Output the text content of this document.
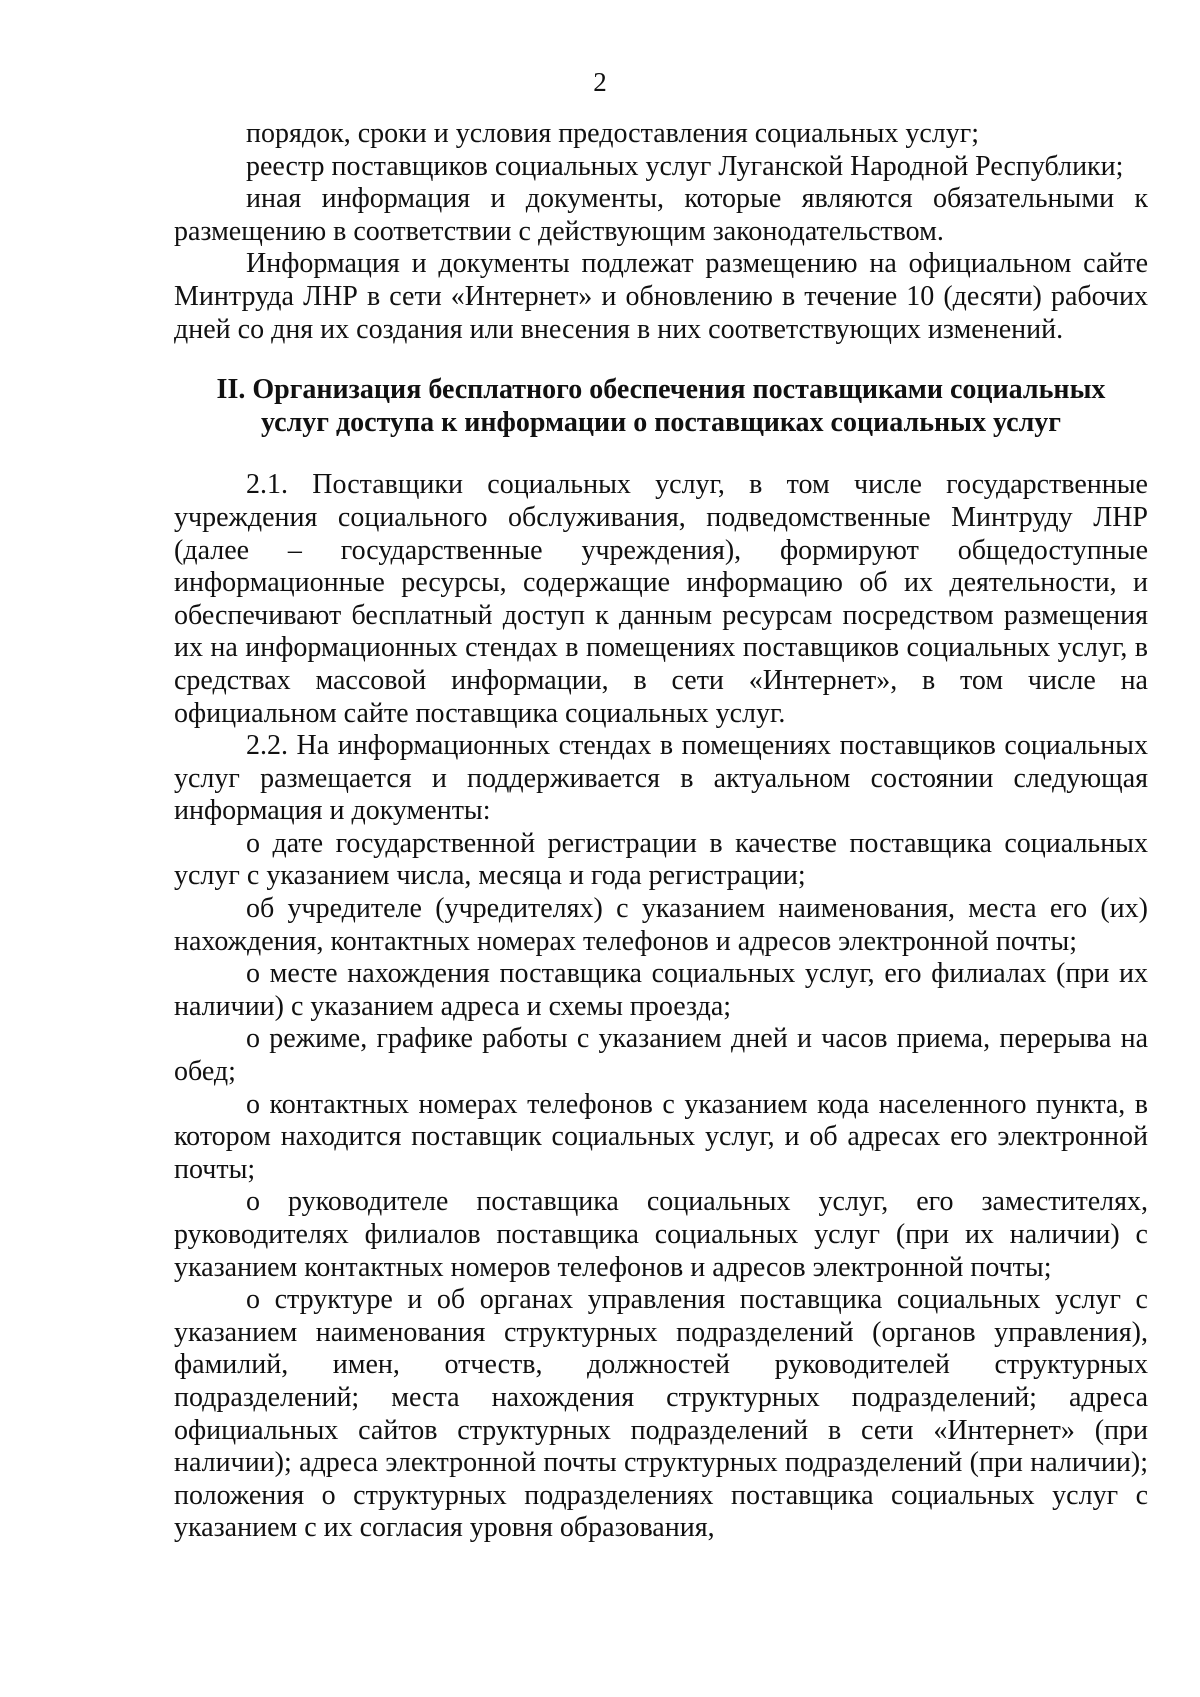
2

порядок, сроки и условия предоставления социальных услуг;

реестр поставщиков социальных услуг Луганской Народной Республики;

иная информация и документы, которые являются обязательными к размещению в соответствии с действующим законодательством.

Информация и документы подлежат размещению на официальном сайте Минтруда ЛНР в сети «Интернет» и обновлению в течение 10 (десяти) рабочих дней со дня их создания или внесения в них соответствующих изменений.

II. Организация бесплатного обеспечения поставщиками социальных
услуг доступа к информации о поставщиках социальных услуг

2.1. Поставщики социальных услуг, в том числе государственные учреждения социального обслуживания, подведомственные Минтруду ЛНР (далее – государственные учреждения), формируют общедоступные информационные ресурсы, содержащие информацию об их деятельности, и обеспечивают бесплатный доступ к данным ресурсам посредством размещения их на информационных стендах в помещениях поставщиков социальных услуг, в средствах массовой информации, в сети «Интернет», в том числе на официальном сайте поставщика социальных услуг.

2.2. На информационных стендах в помещениях поставщиков социальных услуг размещается и поддерживается в актуальном состоянии следующая информация и документы:

о дате государственной регистрации в качестве поставщика социальных услуг с указанием числа, месяца и года регистрации;

об учредителе (учредителях) с указанием наименования, места его (их) нахождения, контактных номерах телефонов и адресов электронной почты;

о месте нахождения поставщика социальных услуг, его филиалах (при их наличии) с указанием адреса и схемы проезда;

о режиме, графике работы с указанием дней и часов приема, перерыва на обед;

о контактных номерах телефонов с указанием кода населенного пункта, в котором находится поставщик социальных услуг, и об адресах его электронной почты;

о руководителе поставщика социальных услуг, его заместителях, руководителях филиалов поставщика социальных услуг (при их наличии) с указанием контактных номеров телефонов и адресов электронной почты;

о структуре и об органах управления поставщика социальных услуг с указанием наименования структурных подразделений (органов управления), фамилий, имен, отчеств, должностей руководителей структурных подразделений; места нахождения структурных подразделений; адреса официальных сайтов структурных подразделений в сети «Интернет» (при наличии); адреса электронной почты структурных подразделений (при наличии); положения о структурных подразделениях поставщика социальных услуг с указанием с их согласия уровня образования,
